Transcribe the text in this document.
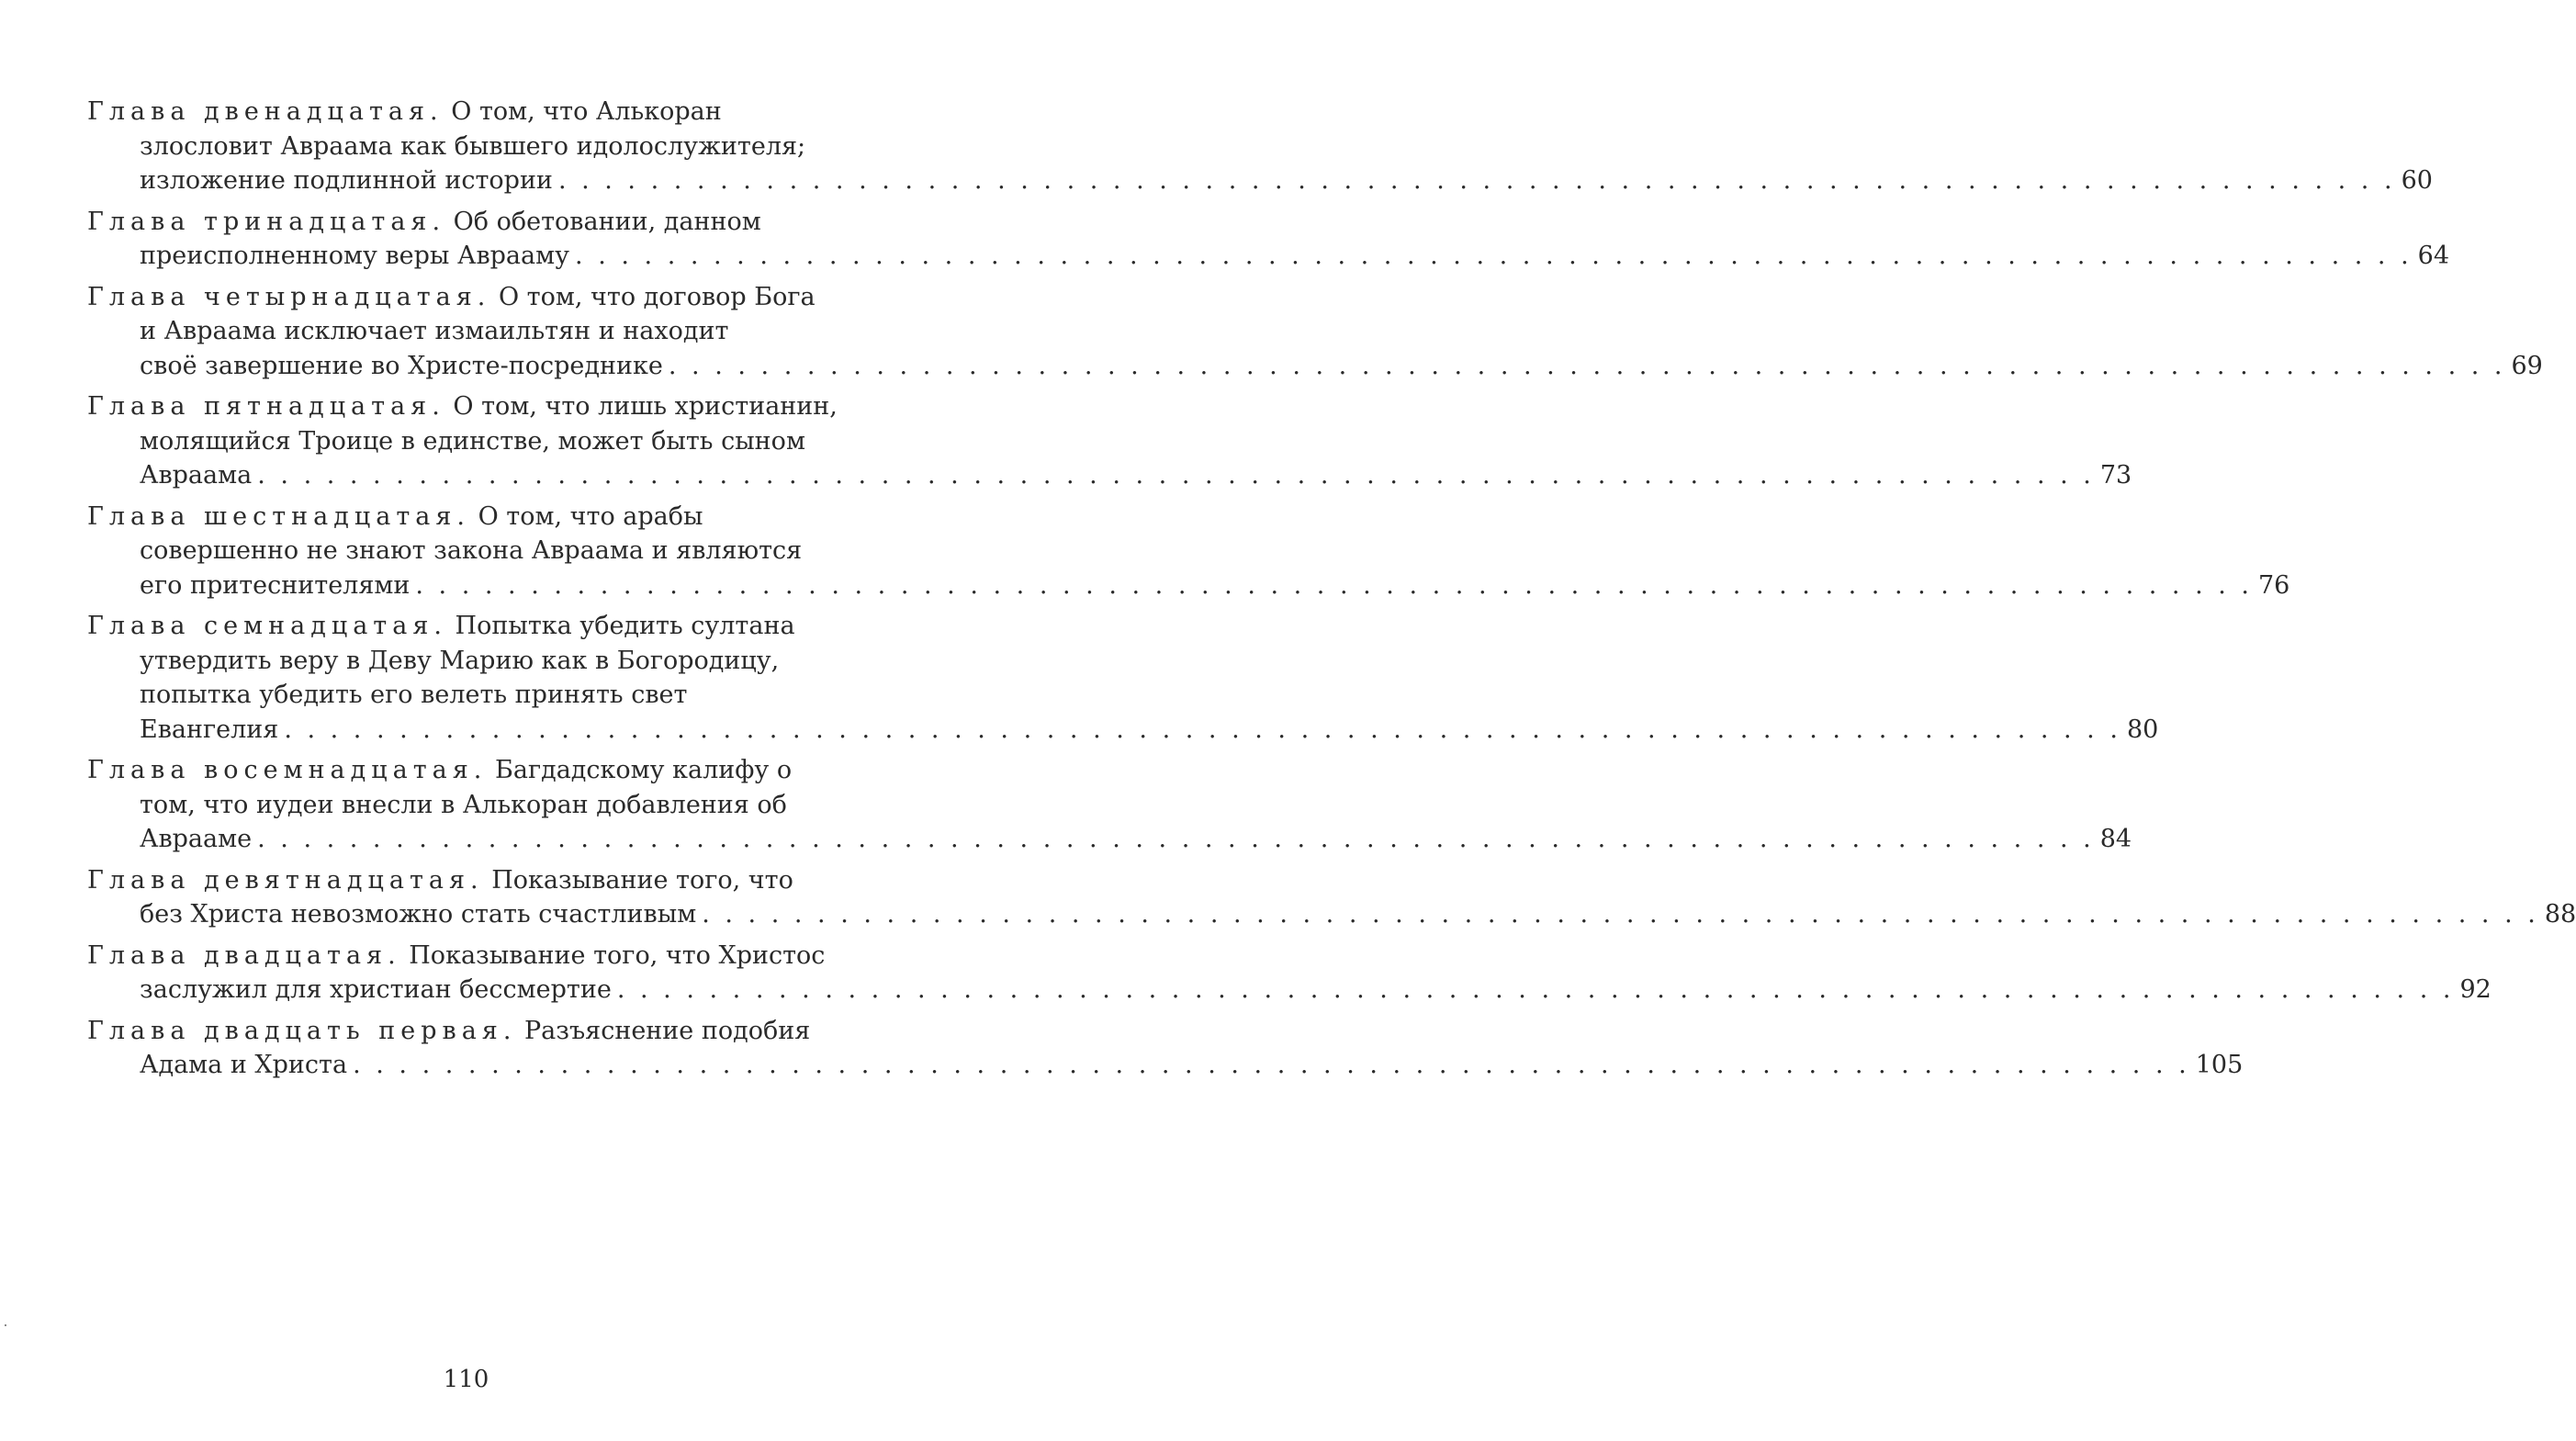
Глава двенадцатая. О том, что Алькоран
злословит Авраама как бывшего идолослужителя;
изложение подлинной истории . . . . . . . . . . . . . . . . . . . . . . . . . . . . . . . . . . . . . . . . . . . . . . . . . . . . . . . . . . . . . . . . . . . . . . . . . . . . . . . . 60
Глава тринадцатая. Об обетовании, данном
преисполненному веры Аврааму . . . . . . . . . . . . . . . . . . . . . . . . . . . . . . . . . . . . . . . . . . . . . . . . . . . . . . . . . . . . . . . . . . . . . . . . . . . . . . . . 64
Глава четырнадцатая. О том, что договор Бога
и Авраама исключает измаильтян и находит
своё завершение во Христе-посреднике . . . . . . . . . . . . . . . . . . . . . . . . . . . . . . . . . . . . . . . . . . . . . . . . . . . . . . . . . . . . . . . . . . . . . . . . . . . . . . . . 69
Глава пятнадцатая. О том, что лишь христианин,
молящийся Троице в единстве, может быть сыном
Авраама . . . . . . . . . . . . . . . . . . . . . . . . . . . . . . . . . . . . . . . . . . . . . . . . . . . . . . . . . . . . . . . . . . . . . . . . . . . . . . . . 73
Глава шестнадцатая. О том, что арабы
совершенно не знают закона Авраама и являются
его притеснителями . . . . . . . . . . . . . . . . . . . . . . . . . . . . . . . . . . . . . . . . . . . . . . . . . . . . . . . . . . . . . . . . . . . . . . . . . . . . . . . . 76
Глава семнадцатая. Попытка убедить султана
утвердить веру в Деву Марию как в Богородицу,
попытка убедить его велеть принять свет
Евангелия . . . . . . . . . . . . . . . . . . . . . . . . . . . . . . . . . . . . . . . . . . . . . . . . . . . . . . . . . . . . . . . . . . . . . . . . . . . . . . . . 80
Глава восемнадцатая. Багдадскому калифу о
том, что иудеи внесли в Алькоран добавления об
Аврааме . . . . . . . . . . . . . . . . . . . . . . . . . . . . . . . . . . . . . . . . . . . . . . . . . . . . . . . . . . . . . . . . . . . . . . . . . . . . . . . . 84
Глава девятнадцатая. Показывание того, что
без Христа невозможно стать счастливым . . . . . . . . . . . . . . . . . . . . . . . . . . . . . . . . . . . . . . . . . . . . . . . . . . . . . . . . . . . . . . . . . . . . . . . . . . . . . . . . 88
Глава двадцатая. Показывание того, что Христос
заслужил для христиан бессмертие . . . . . . . . . . . . . . . . . . . . . . . . . . . . . . . . . . . . . . . . . . . . . . . . . . . . . . . . . . . . . . . . . . . . . . . . . . . . . . . . 92
Глава двадцать первая. Разъяснение подобия
Адама и Христа . . . . . . . . . . . . . . . . . . . . . . . . . . . . . . . . . . . . . . . . . . . . . . . . . . . . . . . . . . . . . . . . . . . . . . . . . . . . . . . . 105
110
